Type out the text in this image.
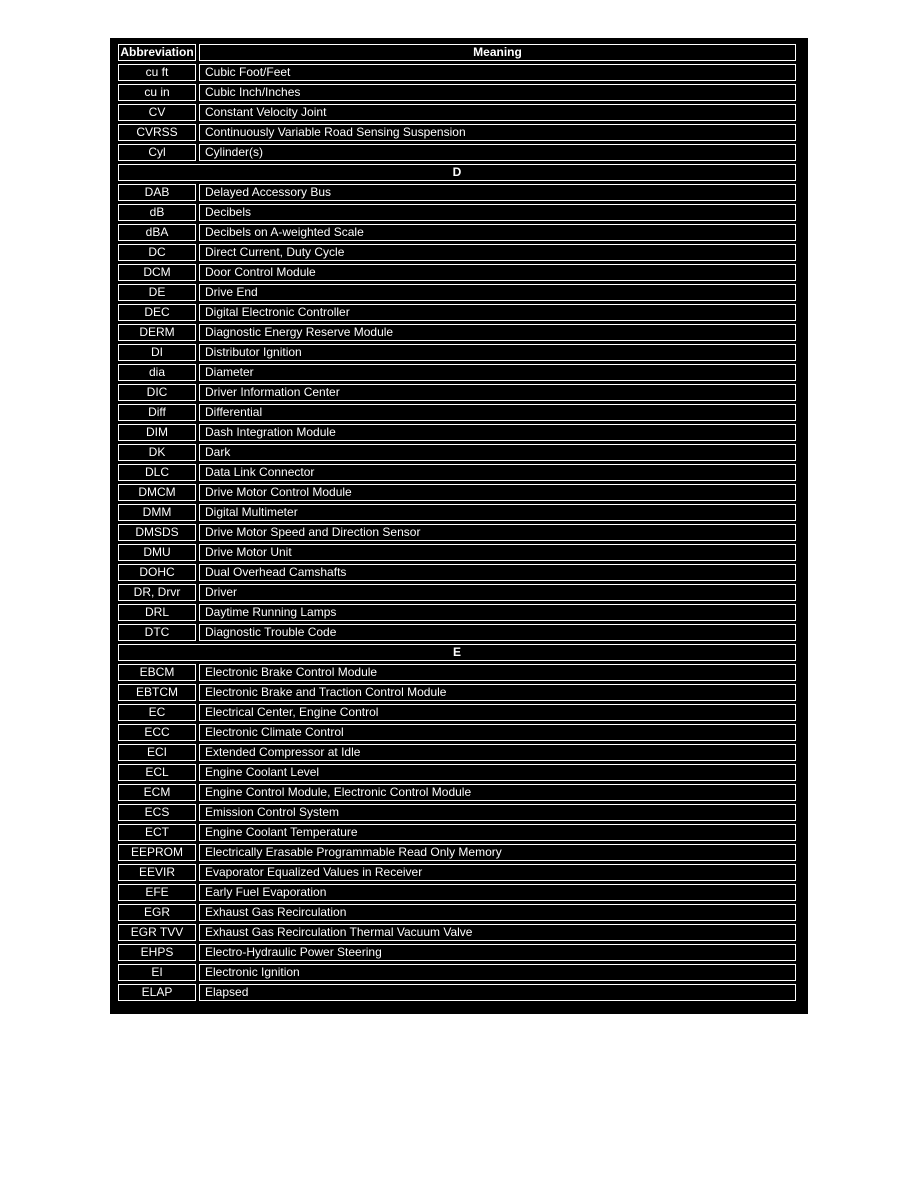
Abbreviation	Meaning
cu ft	Cubic Foot/Feet
cu in	Cubic Inch/Inches
CV	Constant Velocity Joint
CVRSS	Continuously Variable Road Sensing Suspension
Cyl	Cylinder(s)
D
DAB	Delayed Accessory Bus
dB	Decibels
dBA	Decibels on A-weighted Scale
DC	Direct Current, Duty Cycle
DCM	Door Control Module
DE	Drive End
DEC	Digital Electronic Controller
DERM	Diagnostic Energy Reserve Module
DI	Distributor Ignition
dia	Diameter
DIC	Driver Information Center
Diff	Differential
DIM	Dash Integration Module
DK	Dark
DLC	Data Link Connector
DMCM	Drive Motor Control Module
DMM	Digital Multimeter
DMSDS	Drive Motor Speed and Direction Sensor
DMU	Drive Motor Unit
DOHC	Dual Overhead Camshafts
DR, Drvr	Driver
DRL	Daytime Running Lamps
DTC	Diagnostic Trouble Code
E
EBCM	Electronic Brake Control Module
EBTCM	Electronic Brake and Traction Control Module
EC	Electrical Center, Engine Control
ECC	Electronic Climate Control
ECI	Extended Compressor at Idle
ECL	Engine Coolant Level
ECM	Engine Control Module, Electronic Control Module
ECS	Emission Control System
ECT	Engine Coolant Temperature
EEPROM	Electrically Erasable Programmable Read Only Memory
EEVIR	Evaporator Equalized Values in Receiver
EFE	Early Fuel Evaporation
EGR	Exhaust Gas Recirculation
EGR TVV	Exhaust Gas Recirculation Thermal Vacuum Valve
EHPS	Electro-Hydraulic Power Steering
EI	Electronic Ignition
ELAP	Elapsed
